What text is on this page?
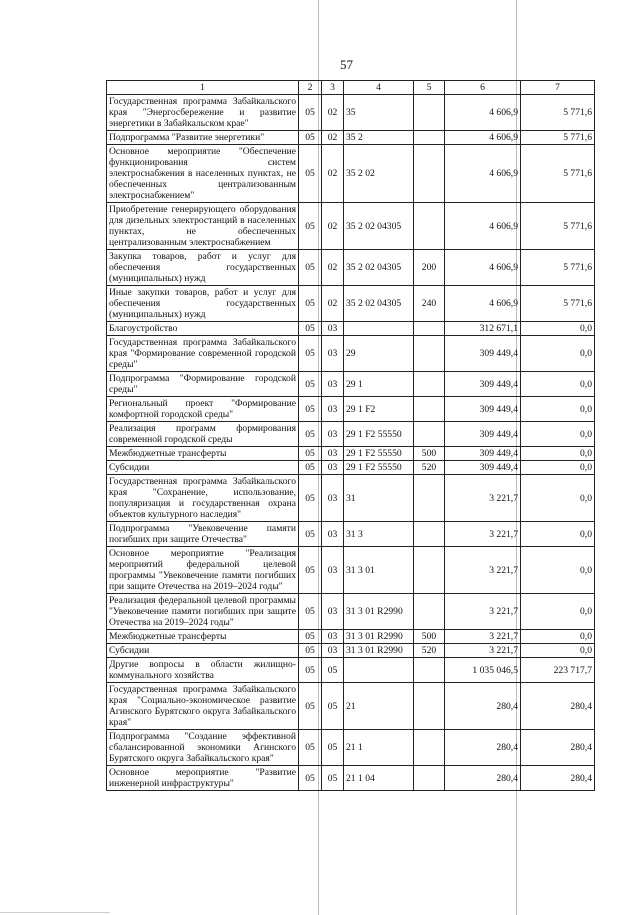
57
1	2	3	4	5	6	7
Государственная программа Забайкальского края "Энергосбережение и развитие энергетики в Забайкальском крае"	05	02	35		4 606,9	5 771,6
Подпрограмма "Развитие энергетики"	05	02	35 2		4 606,9	5 771,6
Основное мероприятие "Обеспечение функционирования систем электроснабжения в населенных пунктах, не обеспеченных централизованным электроснабжением"	05	02	35 2 02		4 606,9	5 771,6
Приобретение генерирующего оборудования для дизельных электростанций в населенных пунктах, не обеспеченных централизованным электроснабжением	05	02	35 2 02 04305		4 606,9	5 771,6
Закупка товаров, работ и услуг для обеспечения государственных (муниципальных) нужд	05	02	35 2 02 04305	200	4 606,9	5 771,6
Иные закупки товаров, работ и услуг для обеспечения государственных (муниципальных) нужд	05	02	35 2 02 04305	240	4 606,9	5 771,6
Благоустройство	05	03			312 671,1	0,0
Государственная программа Забайкальского края "Формирование современной городской среды"	05	03	29		309 449,4	0,0
Подпрограмма "Формирование городской среды"	05	03	29 1		309 449,4	0,0
Региональный проект "Формирование комфортной городской среды"	05	03	29 1 F2		309 449,4	0,0
Реализация программ формирования современной городской среды	05	03	29 1 F2 55550		309 449,4	0,0
Межбюджетные трансферты	05	03	29 1 F2 55550	500	309 449,4	0,0
Субсидии	05	03	29 1 F2 55550	520	309 449,4	0,0
Государственная программа Забайкальского края "Сохранение, использование, популяризация и государственная охрана объектов культурного наследия"	05	03	31		3 221,7	0,0
Подпрограмма "Увековечение памяти погибших при защите Отечества"	05	03	31 3		3 221,7	0,0
Основное мероприятие "Реализация мероприятий федеральной целевой программы "Увековечение памяти погибших при защите Отечества на 2019–2024 годы"	05	03	31 3 01		3 221,7	0,0
Реализация федеральной целевой программы "Увековечение памяти погибших при защите Отечества на 2019–2024 годы"	05	03	31 3 01 R2990		3 221,7	0,0
Межбюджетные трансферты	05	03	31 3 01 R2990	500	3 221,7	0,0
Субсидии	05	03	31 3 01 R2990	520	3 221,7	0,0
Другие вопросы в области жилищно-коммунального хозяйства	05	05			1 035 046,5	223 717,7
Государственная программа Забайкальского края "Социально-экономическое развитие Агинского Бурятского округа Забайкальского края"	05	05	21		280,4	280,4
Подпрограмма "Создание эффективной сбалансированной экономики Агинского Бурятского округа Забайкальского края"	05	05	21 1		280,4	280,4
Основное мероприятие "Развитие инженерной инфраструктуры"	05	05	21 1 04		280,4	280,4
